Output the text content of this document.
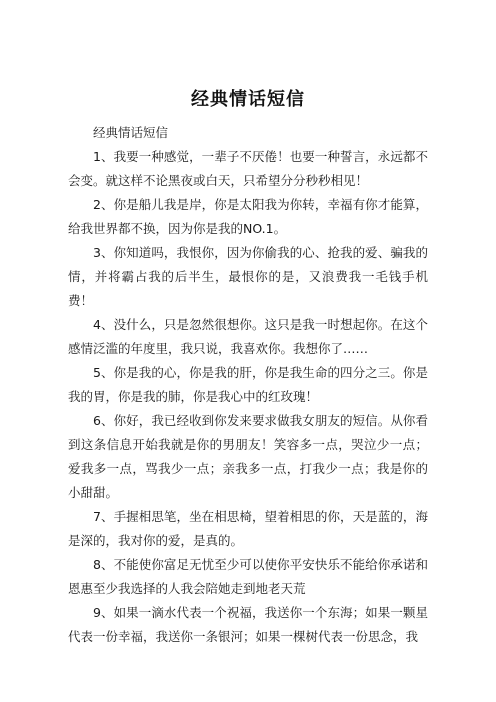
经典情话短信

经典情话短信

1、我要一种感觉，一辈子不厌倦！也要一种誓言，永远都不会变。就这样不论黑夜或白天，只希望分分秒秒相见！

2、你是船儿我是岸，你是太阳我为你转，幸福有你才能算，给我世界都不换，因为你是我的NO.1。

3、你知道吗，我恨你，因为你偷我的心、抢我的爱、骗我的情，并将霸占我的后半生，最恨你的是，又浪费我一毛钱手机费！

4、没什么，只是忽然很想你。这只是我一时想起你。在这个感情泛滥的年度里，我只说，我喜欢你。我想你了……

5、你是我的心，你是我的肝，你是我生命的四分之三。你是我的胃，你是我的肺，你是我心中的红玫瑰！

6、你好，我已经收到你发来要求做我女朋友的短信。从你看到这条信息开始我就是你的男朋友！笑容多一点，哭泣少一点；爱我多一点，骂我少一点；亲我多一点，打我少一点；我是你的小甜甜。

7、手握相思笔，坐在相思椅，望着相思的你，天是蓝的，海是深的，我对你的爱，是真的。

8、不能使你富足无忧至少可以使你平安快乐不能给你承诺和恩惠至少我选择的人我会陪她走到地老天荒

9、如果一滴水代表一个祝福，我送你一个东海；如果一颗星代表一份幸福，我送你一条银河；如果一棵树代表一份思念，我
